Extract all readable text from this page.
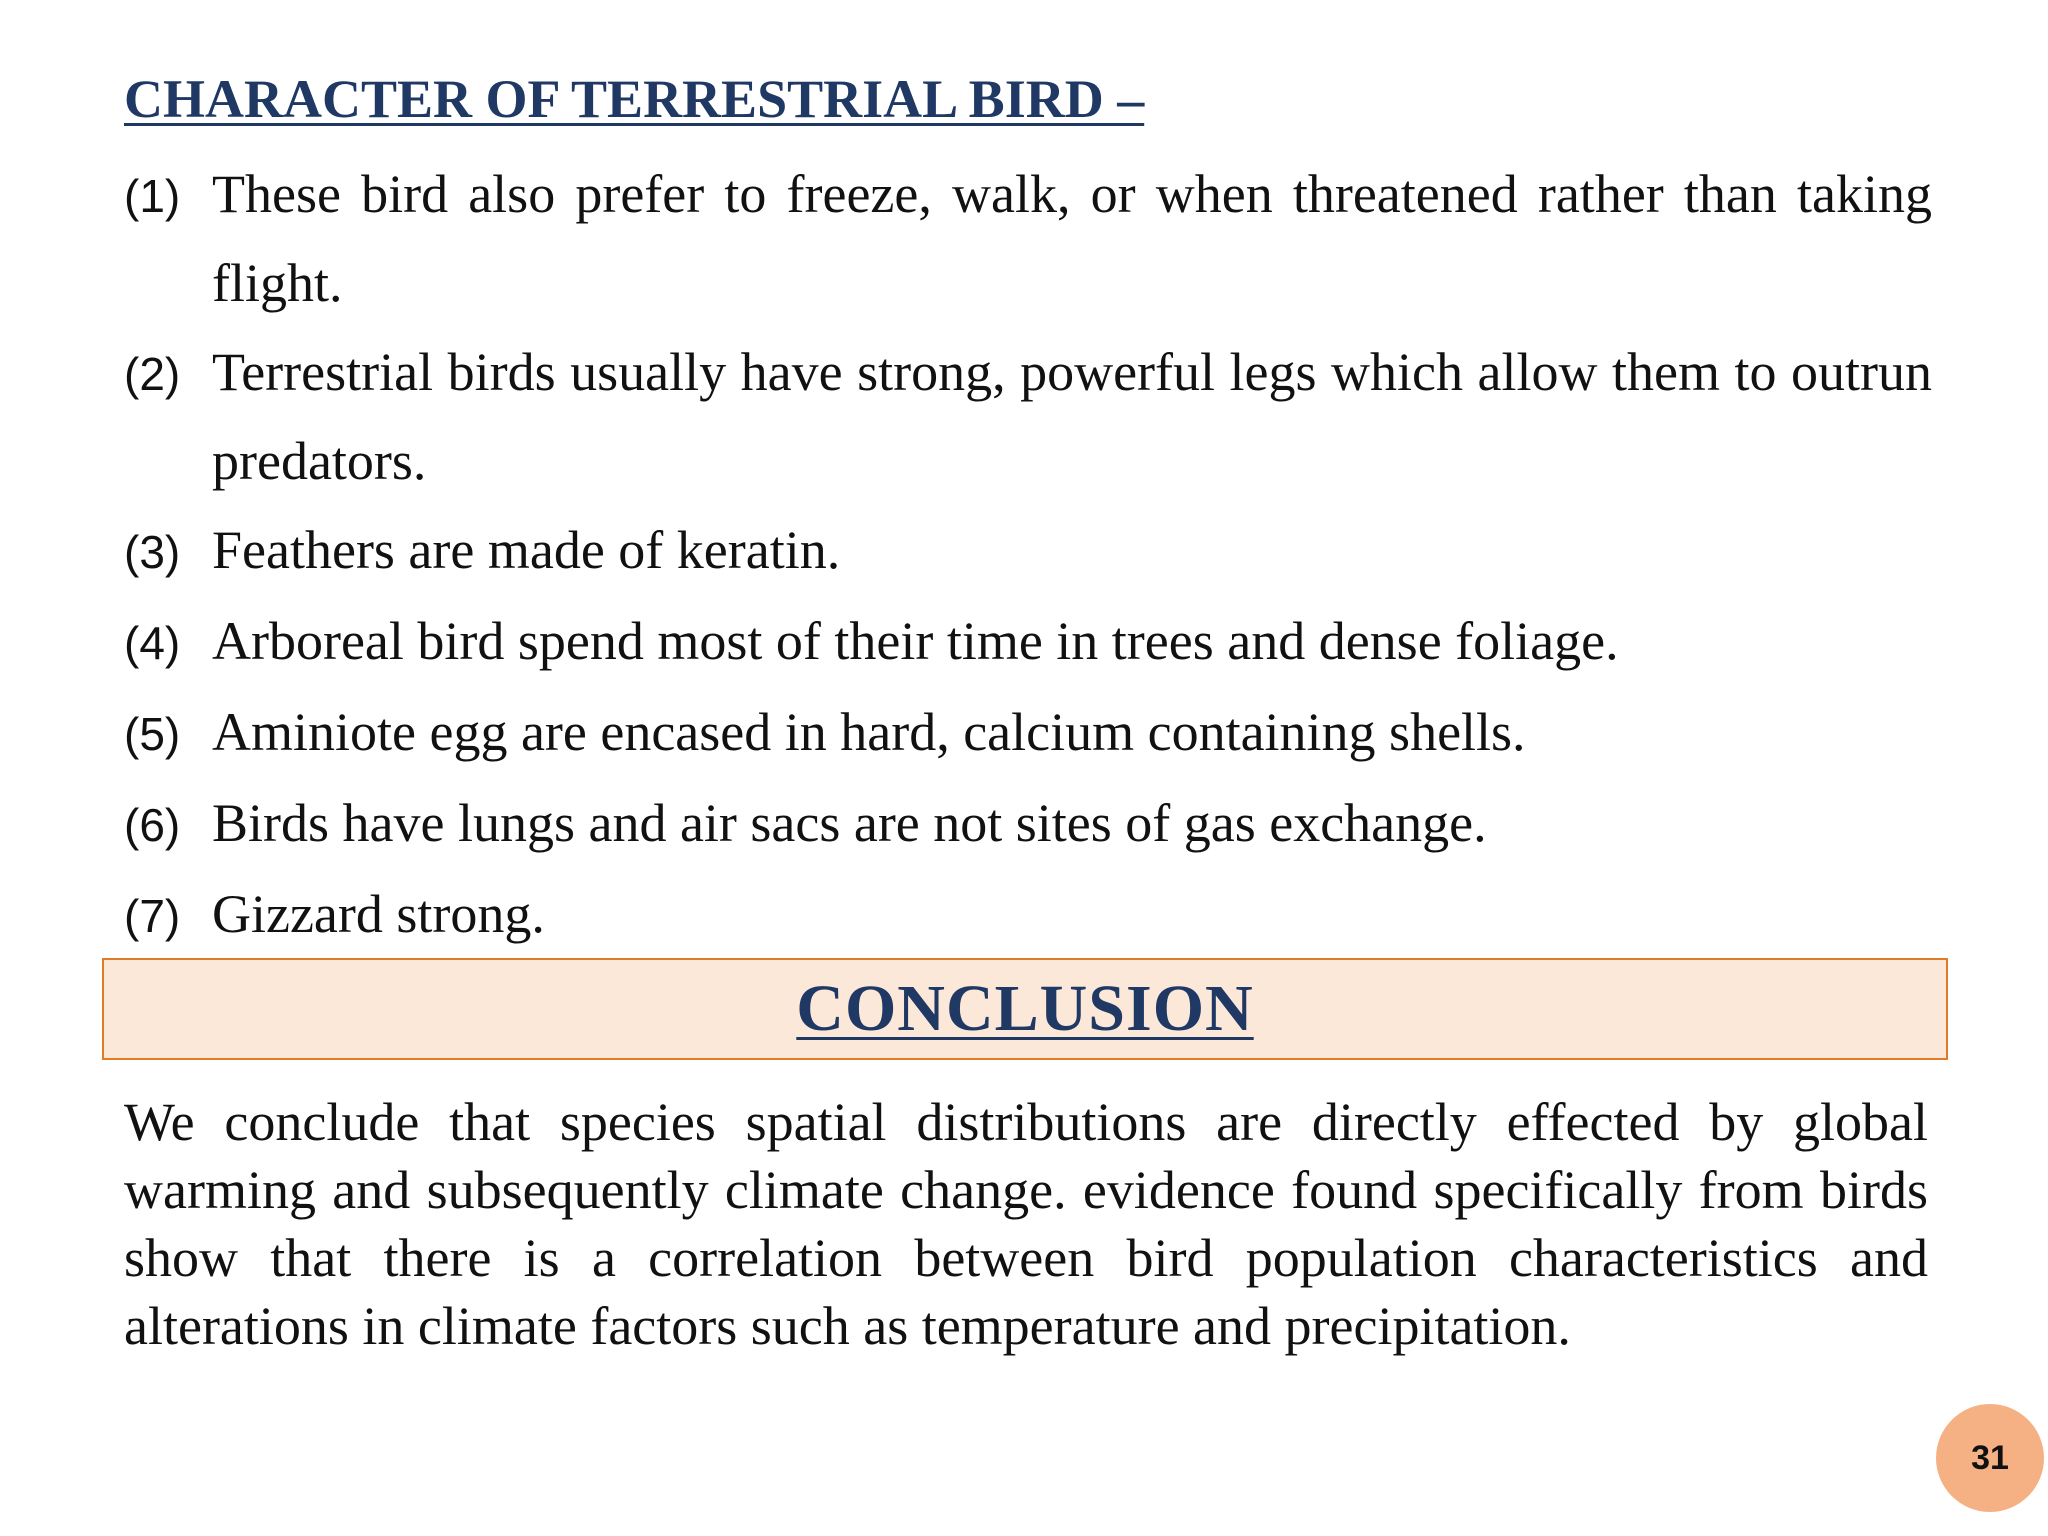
CHARACTER OF TERRESTRIAL BIRD –
(1) These bird also prefer to freeze, walk, or when threatened rather than taking flight.
(2) Terrestrial birds usually have strong, powerful legs which allow them to outrun predators.
(3) Feathers are made of keratin.
(4) Arboreal bird spend most of their time in trees and dense foliage.
(5) Aminiote egg are encased in hard, calcium containing shells.
(6) Birds have lungs and air sacs are not sites of gas exchange.
(7) Gizzard strong.
CONCLUSION

We conclude that species spatial distributions are directly effected by global warming and subsequently climate change. evidence found specifically from birds show that there is a correlation between bird population characteristics and alterations in climate factors such as temperature and precipitation.

31
